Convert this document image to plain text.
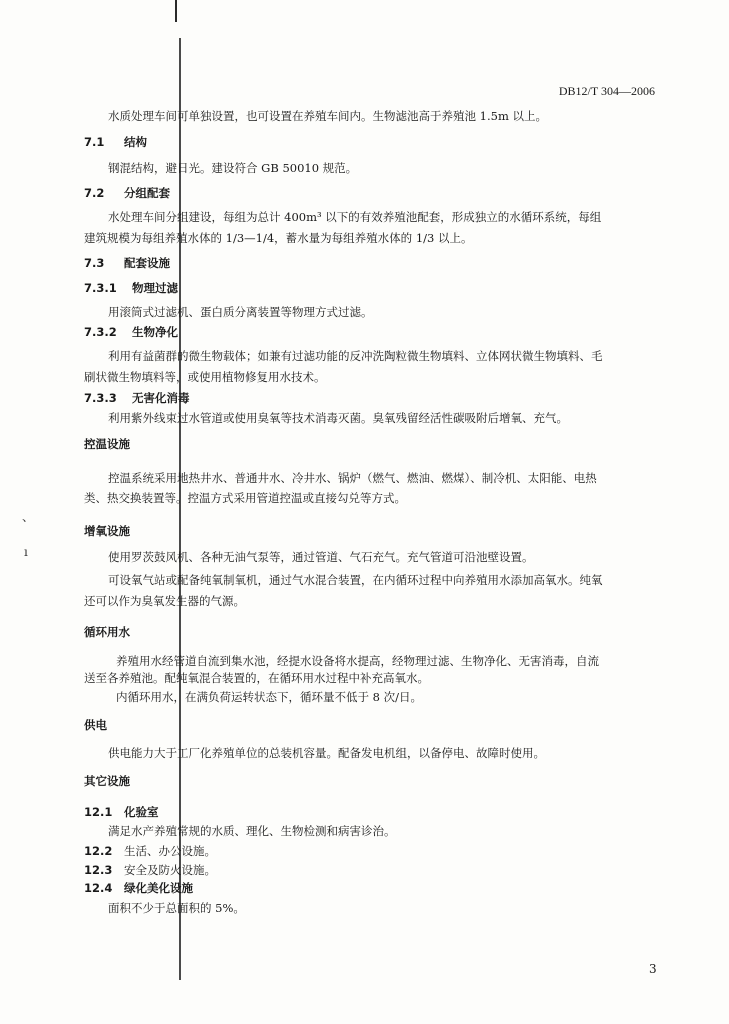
、
ı
DB12/T 304—2006
水质处理车间可单独设置，也可设置在养殖车间内。生物滤池高于养殖池 1.5m 以上。
7.1 结构
钢混结构，避日光。建设符合 GB 50010 规范。
7.2 分组配套
水处理车间分组建设，每组为总计 400m³ 以下的有效养殖池配套，形成独立的水循环系统，每组
建筑规模为每组养殖水体的 1/3—1/4，蓄水量为每组养殖水体的 1/3 以上。
7.3 配套设施
7.3.1 物理过滤
用滚筒式过滤机、蛋白质分离装置等物理方式过滤。
7.3.2 生物净化
利用有益菌群的微生物载体；如兼有过滤功能的反冲洗陶粒微生物填料、立体网状微生物填料、毛
刷状微生物填料等，或使用植物修复用水技术。
7.3.3 无害化消毒
利用紫外线束过水管道或使用臭氧等技术消毒灭菌。臭氧残留经活性碳吸附后增氧、充气。
控温设施
控温系统采用地热井水、普通井水、冷井水、锅炉（燃气、燃油、燃煤）、制冷机、太阳能、电热
类、热交换装置等。控温方式采用管道控温或直接勾兑等方式。
增氧设施
使用罗茨鼓风机、各种无油气泵等，通过管道、气石充气。充气管道可沿池壁设置。
可设氧气站或配备纯氧制氧机，通过气水混合装置，在内循环过程中向养殖用水添加高氧水。纯氧
还可以作为臭氧发生器的气源。
循环用水
养殖用水经管道自流到集水池，经提水设备将水提高，经物理过滤、生物净化、无害消毒，自流
送至各养殖池。配纯氧混合装置的，在循环用水过程中补充高氧水。
内循环用水，在满负荷运转状态下，循环量不低于 8 次/日。
供电
供电能力大于工厂化养殖单位的总装机容量。配备发电机组，以备停电、故障时使用。
其它设施
12.1 化验室
满足水产养殖常规的水质、理化、生物检测和病害诊治。
12.2 生活、办公设施。
12.3 安全及防火设施。
12.4 绿化美化设施
面积不少于总面积的 5%。
3
